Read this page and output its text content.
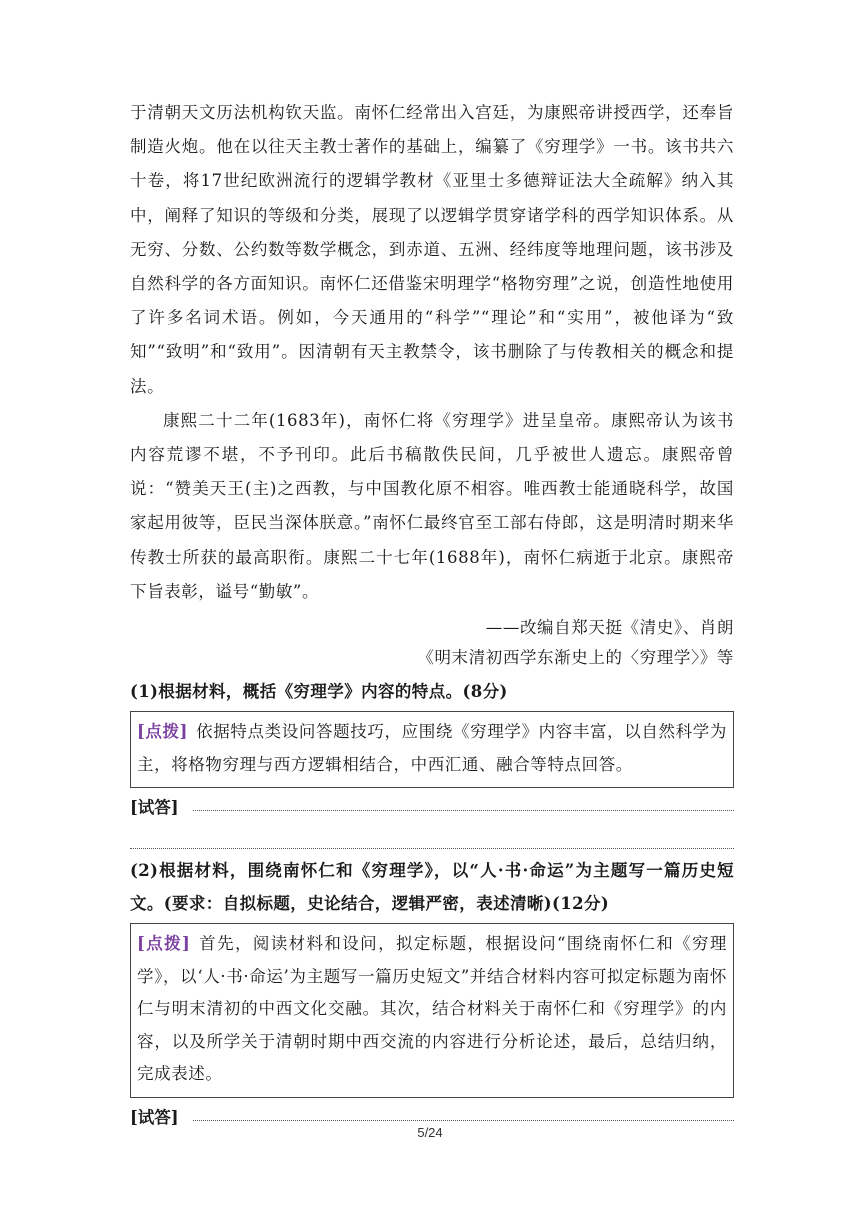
于清朝天文历法机构钦天监。南怀仁经常出入宫廷，为康熙帝讲授西学，还奉旨制造火炮。他在以往天主教士著作的基础上，编纂了《穷理学》一书。该书共六十卷，将17世纪欧洲流行的逻辑学教材《亚里士多德辩证法大全疏解》纳入其中，阐释了知识的等级和分类，展现了以逻辑学贯穿诸学科的西学知识体系。从无穷、分数、公约数等数学概念，到赤道、五洲、经纬度等地理问题，该书涉及自然科学的各方面知识。南怀仁还借鉴宋明理学“格物穷理”之说，创造性地使用了许多名词术语。例如，今天通用的“科学”“理论”和“实用”，被他译为“致知”“致明”和“致用”。因清朝有天主教禁令，该书删除了与传教相关的概念和提法。

康熙二十二年(1683年)，南怀仁将《穷理学》进呈皇帝。康熙帝认为该书内容荒谬不堪，不予刊印。此后书稿散佚民间，几乎被世人遗忘。康熙帝曾说：“赞美天王(主)之西教，与中国教化原不相容。唯西教士能通晓科学，故国家起用彼等，臣民当深体朕意。”南怀仁最终官至工部右侍郎，这是明清时期来华传教士所获的最高职衔。康熙二十七年(1688年)，南怀仁病逝于北京。康熙帝下旨表彰，谥号“勤敏”。

——改编自郑天挺《清史》、肖朗

《明末清初西学东渐史上的〈穷理学〉》等

(1)根据材料，概括《穷理学》内容的特点。(8分)

[点拨] 依据特点类设问答题技巧，应围绕《穷理学》内容丰富，以自然科学为主，将格物穷理与西方逻辑相结合，中西汇通、融合等特点回答。
[试答]

(2)根据材料，围绕南怀仁和《穷理学》，以“人·书·命运”为主题写一篇历史短文。(要求：自拟标题，史论结合，逻辑严密，表述清晰)(12分)

[点拨] 首先，阅读材料和设问，拟定标题，根据设问“围绕南怀仁和《穷理学》，以‘人·书·命运’为主题写一篇历史短文”并结合材料内容可拟定标题为南怀仁与明末清初的中西文化交融。其次，结合材料关于南怀仁和《穷理学》的内容，以及所学关于清朝时期中西交流的内容进行分析论述，最后，总结归纳，完成表述。
[试答]
5/24
